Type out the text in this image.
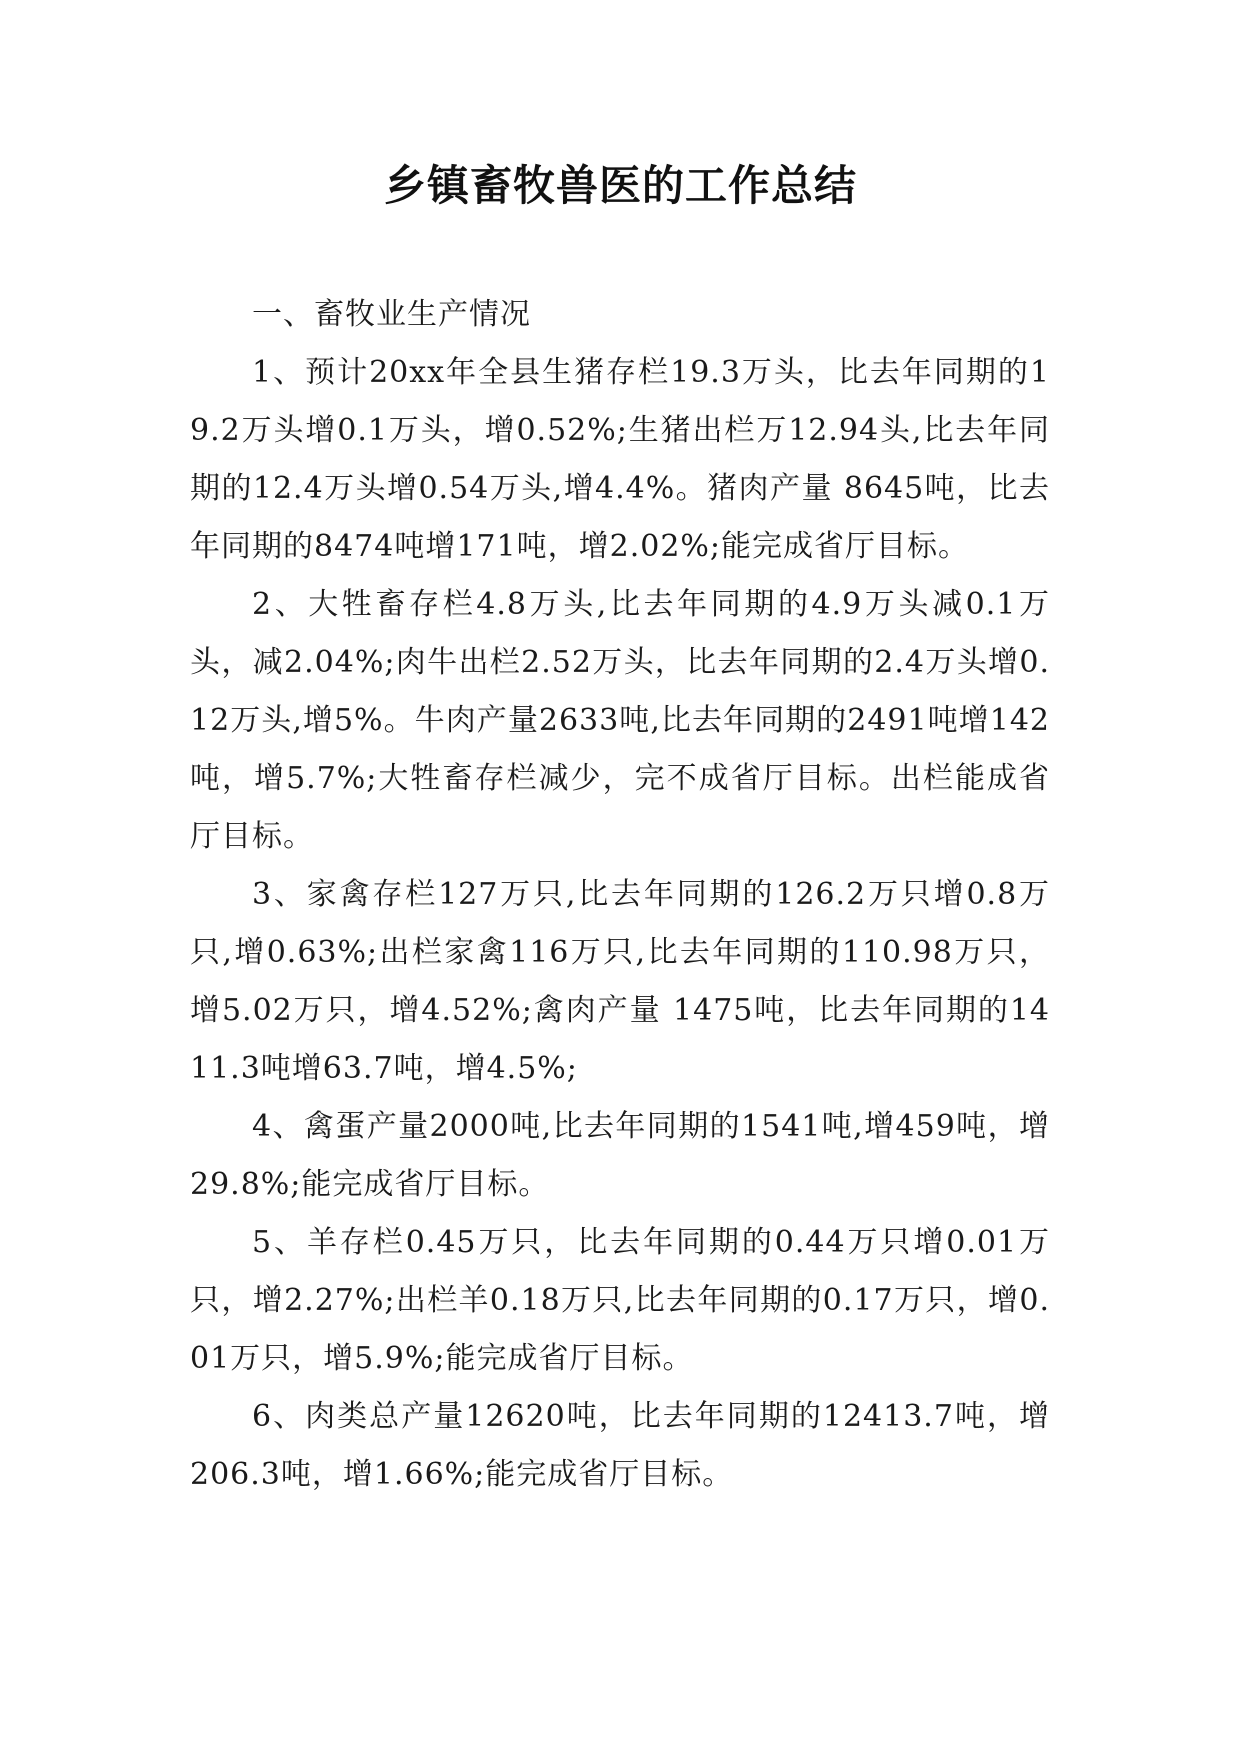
乡镇畜牧兽医的工作总结

一、畜牧业生产情况

1、预计20xx年全县生猪存栏19.3万头，比去年同期的19.2万头增0.1万头，增0.52%;生猪出栏万12.94头,比去年同期的12.4万头增0.54万头,增4.4%。猪肉产量 8645吨，比去年同期的8474吨增171吨，增2.02%;能完成省厅目标。

2、大牲畜存栏4.8万头,比去年同期的4.9万头减0.1万头，减2.04%;肉牛出栏2.52万头，比去年同期的2.4万头增0.12万头,增5%。牛肉产量2633吨,比去年同期的2491吨增142吨，增5.7%;大牲畜存栏减少，完不成省厅目标。出栏能成省厅目标。

3、家禽存栏127万只,比去年同期的126.2万只增0.8万只,增0.63%;出栏家禽116万只,比去年同期的110.98万只，增5.02万只，增4.52%;禽肉产量 1475吨，比去年同期的1411.3吨增63.7吨，增4.5%;

4、禽蛋产量2000吨,比去年同期的1541吨,增459吨，增29.8%;能完成省厅目标。

5、羊存栏0.45万只，比去年同期的0.44万只增0.01万只，增2.27%;出栏羊0.18万只,比去年同期的0.17万只，增0.01万只，增5.9%;能完成省厅目标。

6、肉类总产量12620吨，比去年同期的12413.7吨，增206.3吨，增1.66%;能完成省厅目标。
